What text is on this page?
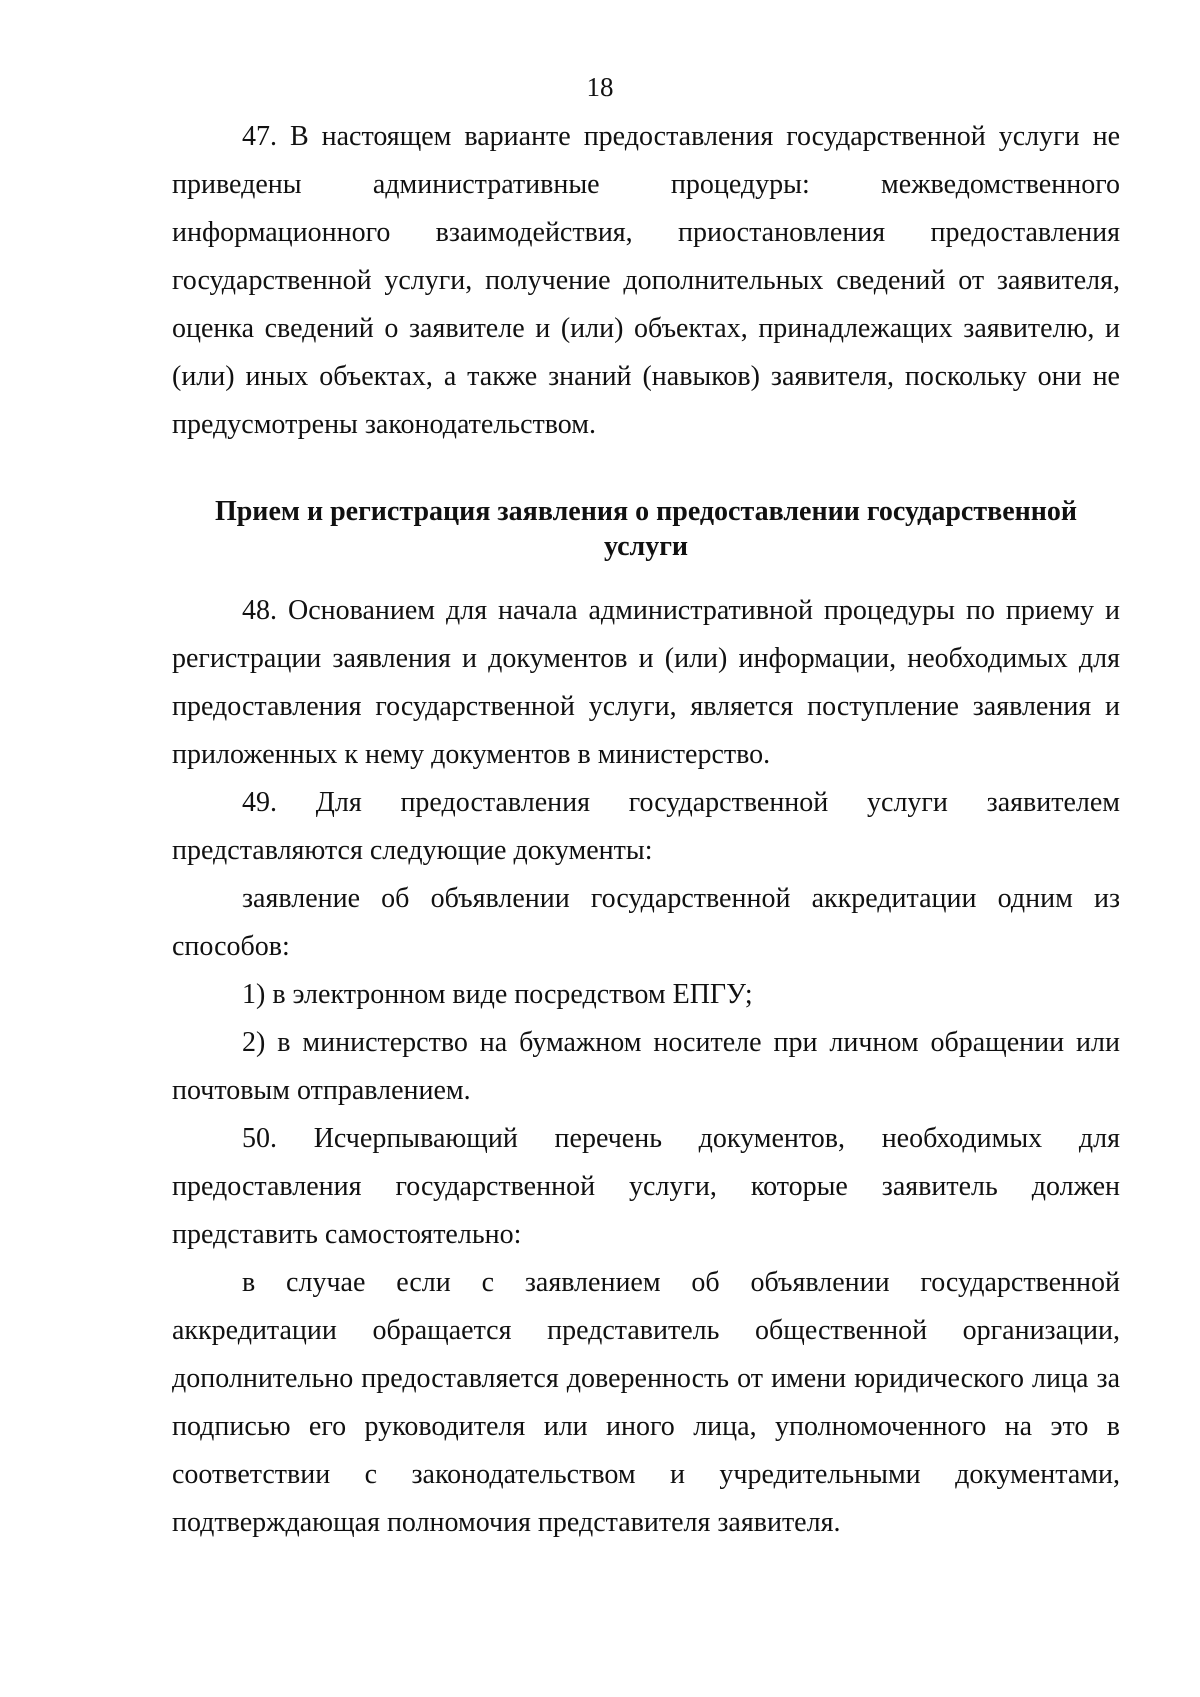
18

47. В настоящем варианте предоставления государственной услуги не приведены административные процедуры: межведомственного информационного взаимодействия, приостановления предоставления государственной услуги, получение дополнительных сведений от заявителя, оценка сведений о заявителе и (или) объектах, принадлежащих заявителю, и (или) иных объектах, а также знаний (навыков) заявителя, поскольку они не предусмотрены законодательством.

Прием и регистрация заявления о предоставлении государственной услуги

48. Основанием для начала административной процедуры по приему и регистрации заявления и документов и (или) информации, необходимых для предоставления государственной услуги, является поступление заявления и приложенных к нему документов в министерство.

49. Для предоставления государственной услуги заявителем представляются следующие документы:

заявление об объявлении государственной аккредитации одним из способов:

1) в электронном виде посредством ЕПГУ;

2) в министерство на бумажном носителе при личном обращении или почтовым отправлением.

50. Исчерпывающий перечень документов, необходимых для предоставления государственной услуги, которые заявитель должен представить самостоятельно:

в случае если с заявлением об объявлении государственной аккредитации обращается представитель общественной организации, дополнительно предоставляется доверенность от имени юридического лица за подписью его руководителя или иного лица, уполномоченного на это в соответствии с законодательством и учредительными документами, подтверждающая полномочия представителя заявителя.
